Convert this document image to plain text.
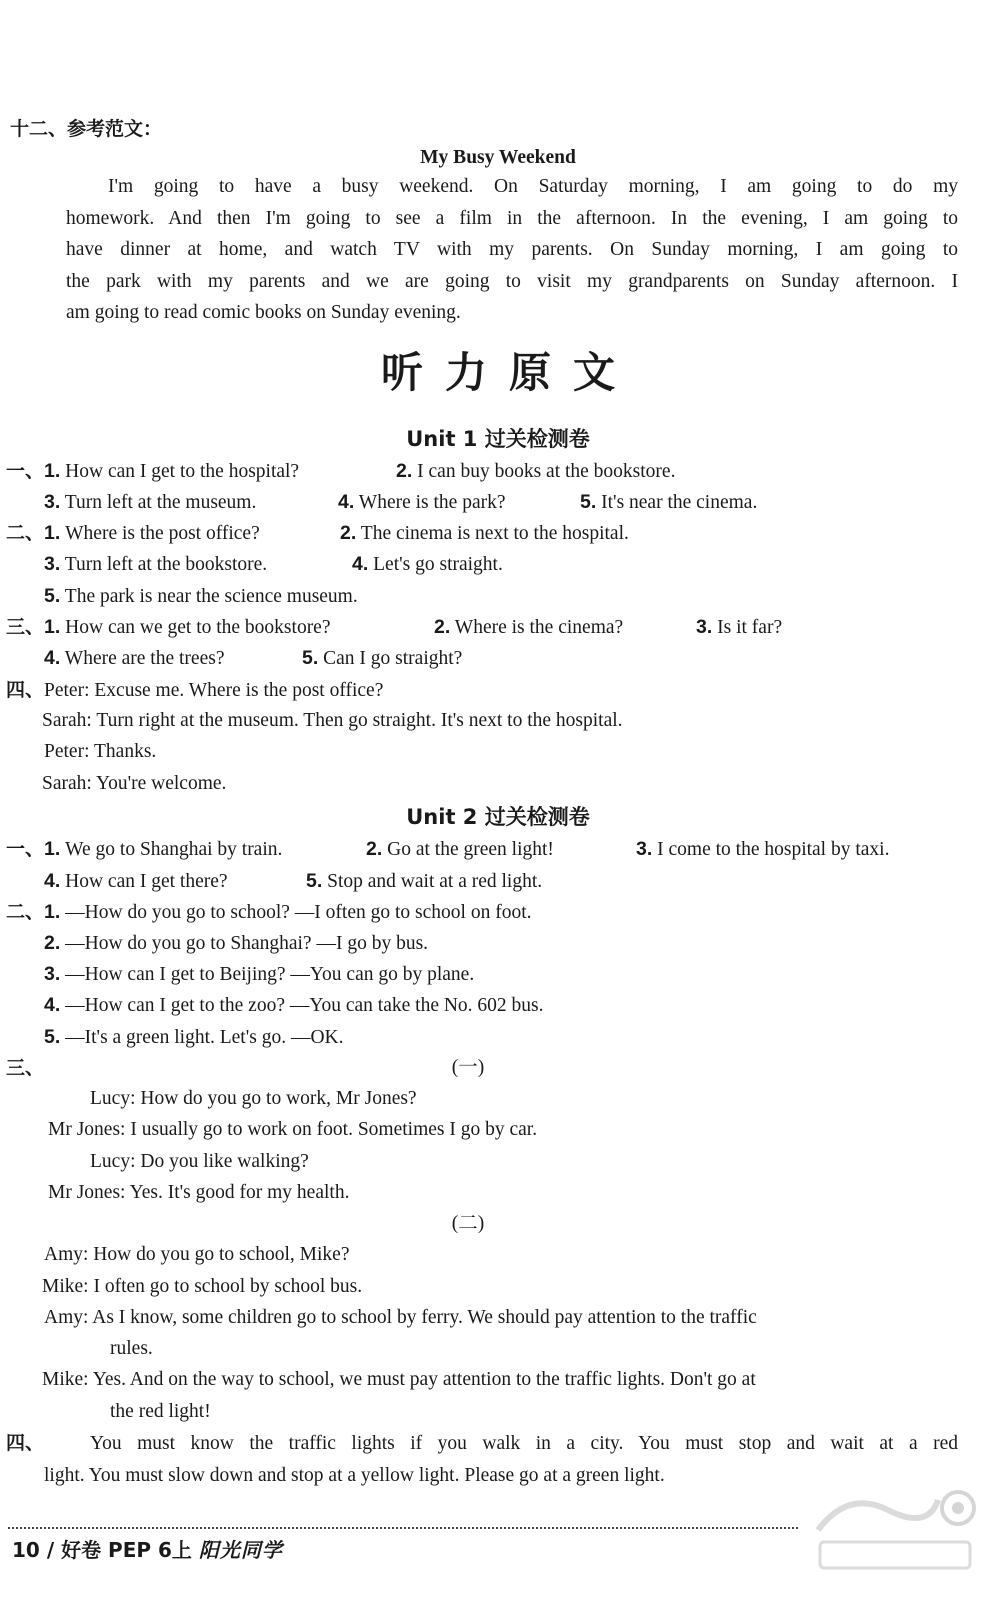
十二、参考范文：
My Busy Weekend
I'm going to have a busy weekend. On Saturday morning, I am going to do my
homework. And then I'm going to see a film in the afternoon. In the evening, I am going to
have dinner at home, and watch TV with my parents. On Sunday morning, I am going to
the park with my parents and we are going to visit my grandparents on Sunday afternoon. I
am going to read comic books on Sunday evening.
听力原文
Unit 1 过关检测卷
一、1. How can I get to the hospital?	2. I can buy books at the bookstore.
3. Turn left at the museum.	4. Where is the park?	5. It's near the cinema.
二、1. Where is the post office?	2. The cinema is next to the hospital.
3. Turn left at the bookstore.	4. Let's go straight.
5. The park is near the science museum.
三、1. How can we get to the bookstore?	2. Where is the cinema?	3. Is it far?
4. Where are the trees?	5. Can I go straight?
四、Peter: Excuse me. Where is the post office?
Sarah: Turn right at the museum. Then go straight. It's next to the hospital.
Peter: Thanks.
Sarah: You're welcome.
Unit 2 过关检测卷
一、1. We go to Shanghai by train.	2. Go at the green light!	3. I come to the hospital by taxi.
4. How can I get there?	5. Stop and wait at a red light.
二、1. —How do you go to school? —I often go to school on foot.
2. —How do you go to Shanghai? —I go by bus.
3. —How can I get to Beijing? —You can go by plane.
4. —How can I get to the zoo? —You can take the No. 602 bus.
5. —It's a green light. Let's go. —OK.
三、	(一)
Lucy: How do you go to work, Mr Jones?
Mr Jones: I usually go to work on foot. Sometimes I go by car.
Lucy: Do you like walking?
Mr Jones: Yes. It's good for my health.
(二)
Amy: How do you go to school, Mike?
Mike: I often go to school by school bus.
Amy: As I know, some children go to school by ferry. We should pay attention to the traffic
rules.
Mike: Yes. And on the way to school, we must pay attention to the traffic lights. Don't go at
the red light!
四、	You must know the traffic lights if you walk in a city. You must stop and wait at a red
light. You must slow down and stop at a yellow light. Please go at a green light.
10 / 好卷 PEP 6上 阳光同学
